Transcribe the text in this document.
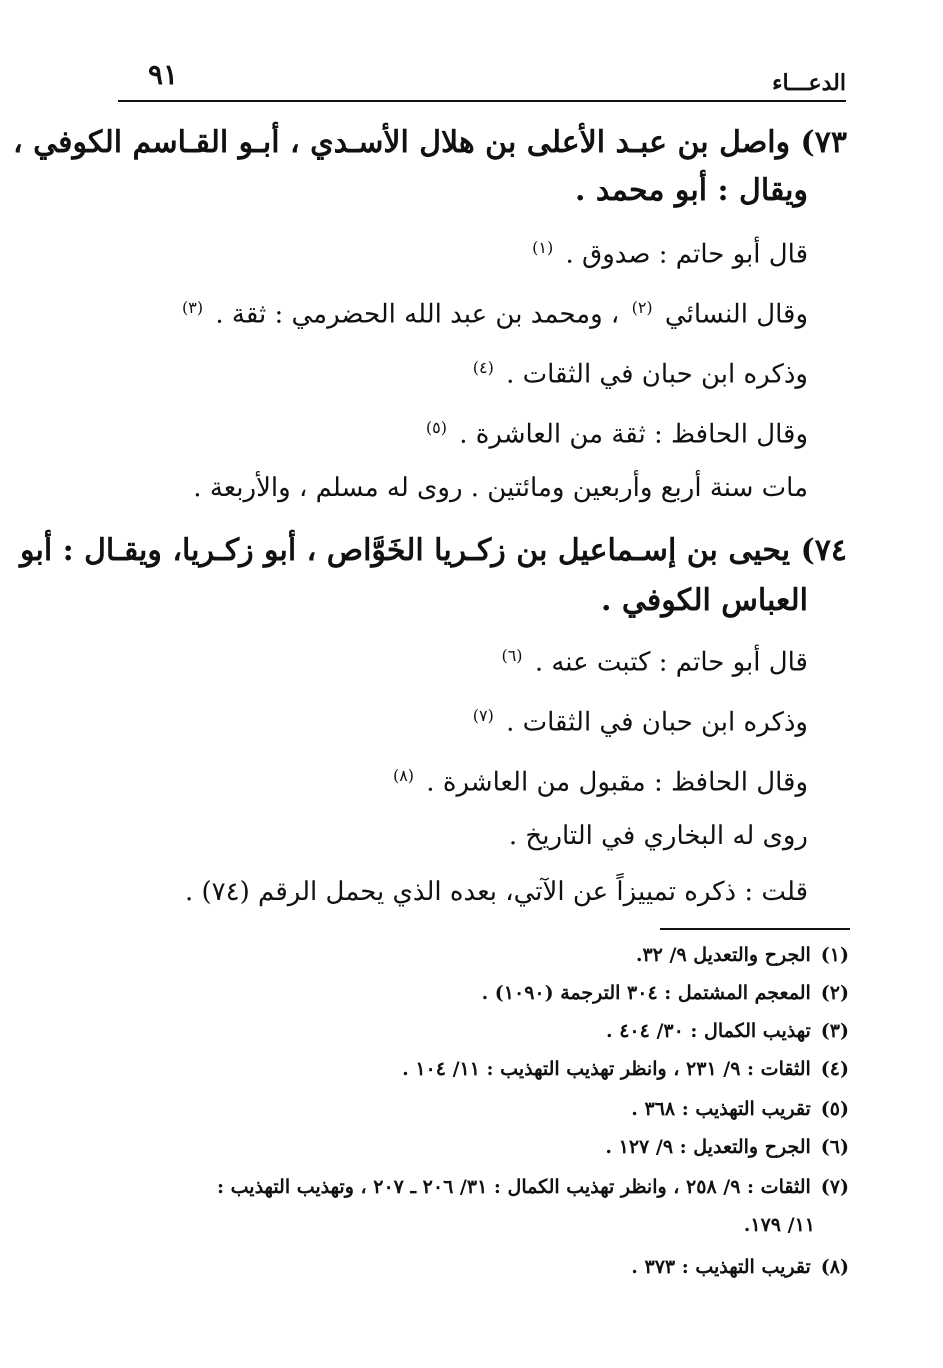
الدعـــاء
٩١
٧٣) واصل بن عبـد الأعلى بن هلال الأسـدي ، أبـو القـاسم الكوفي ،
ويقال : أبو محمد .
قال أبو حاتم : صدوق . $^{(١)}$
وقال النسائي $^{(٢)}$ ، ومحمد بن عبد الله الحضرمي : ثقة . $^{(٣)}$
وذكره ابن حبان في الثقات . $^{(٤)}$
وقال الحافظ : ثقة من العاشرة . $^{(٥)}$
مات سنة أربع وأربعين ومائتين . روى له مسلم ، والأربعة .
٧٤) يحيى بن إسـماعيل بن زكـريا الخَوَّاص ، أبو زكـريا، ويقـال : أبو
العباس الكوفي .
قال أبو حاتم : كتبت عنه . $^{(٦)}$
وذكره ابن حبان في الثقات . $^{(٧)}$
وقال الحافظ : مقبول من العاشرة . $^{(٨)}$
روى له البخاري في التاريخ .
قلت : ذكره تمييزاً عن الآتي، بعده الذي يحمل الرقم (٧٤) .
(١)الجرح والتعديل ٩/ ٣٢.
(٢)المعجم المشتمل : ٣٠٤ الترجمة (١٠٩٠) .
(٣)تهذيب الكمال : ٣٠/ ٤٠٤ .
(٤)الثقات : ٩/ ٢٣١ ، وانظر تهذيب التهذيب : ١١/ ١٠٤ .
(٥)تقريب التهذيب : ٣٦٨ .
(٦)الجرح والتعديل : ٩/ ١٢٧ .
(٧)الثقات : ٩/ ٢٥٨ ، وانظر تهذيب الكمال : ٣١/ ٢٠٦ ـ ٢٠٧ ، وتهذيب التهذيب :
١١/ ١٧٩.
(٨)تقريب التهذيب : ٣٧٣ .
